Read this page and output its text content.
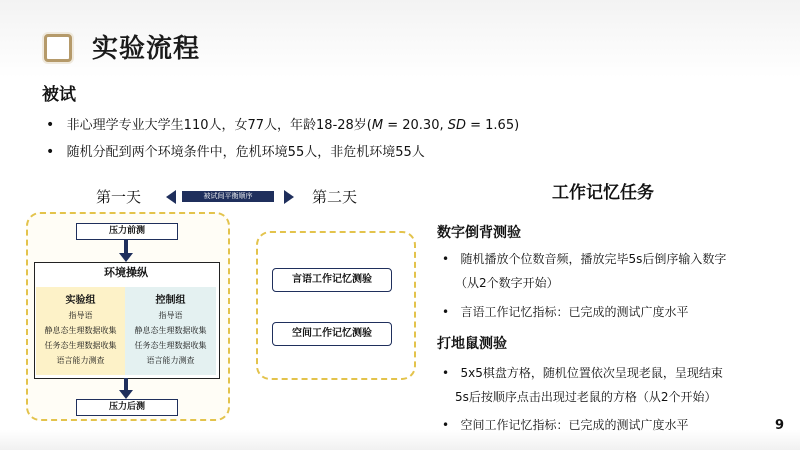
实验流程
被试
• 非心理学专业大学生110人，女77人，年龄18-28岁(M = 20.30, SD = 1.65)
• 随机分配到两个环境条件中，危机环境55人，非危机环境55人
第一天	第二天
被试间平衡顺序
压力前测
环境操纵
实验组
指导语
静息态生理数据收集
任务态生理数据收集
语言能力测查
控制组
指导语
静息态生理数据收集
任务态生理数据收集
语言能力测查
压力后测
言语工作记忆测验
空间工作记忆测验
工作记忆任务
数字倒背测验
• 随机播放个位数音频，播放完毕5s后倒序输入数字
（从2个数字开始）
• 言语工作记忆指标：已完成的测试广度水平
打地鼠测验
• 5x5棋盘方格，随机位置依次呈现老鼠，呈现结束
5s后按顺序点击出现过老鼠的方格（从2个开始）
• 空间工作记忆指标：已完成的测试广度水平	9
